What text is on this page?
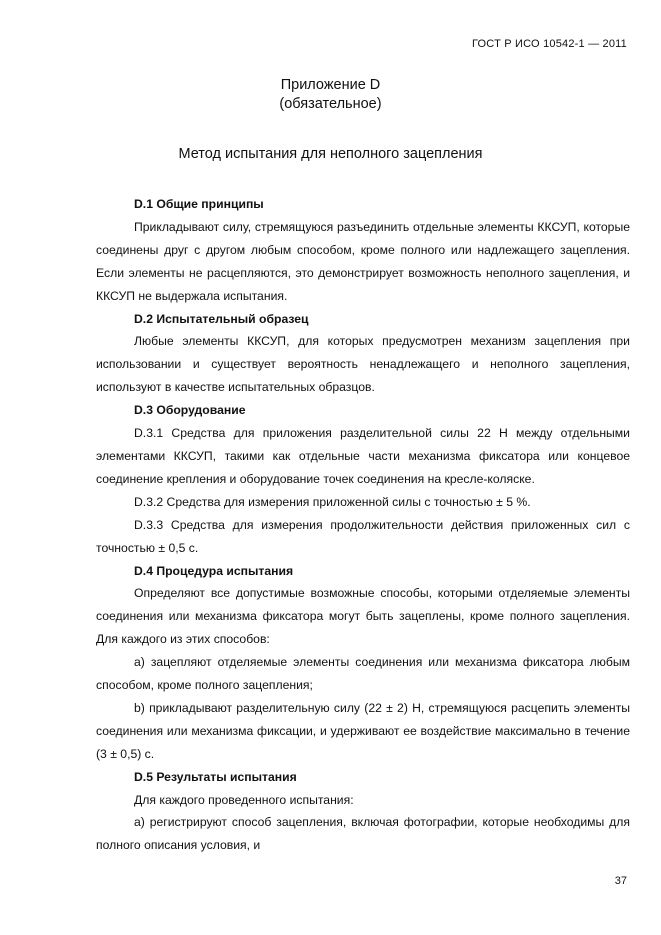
ГОСТ Р ИСО 10542-1 — 2011
Приложение D
(обязательное)
Метод испытания для неполного зацепления
D.1 Общие принципы

Прикладывают силу, стремящуюся разъединить отдельные элементы ККСУП, которые соединены друг с другом любым способом, кроме полного или надлежащего зацепления. Если элементы не расцепляются, это демонстрирует возможность неполного зацепления, и ККСУП не выдержала испытания.

D.2 Испытательный образец

Любые элементы ККСУП, для которых предусмотрен механизм зацепления при использовании и существует вероятность ненадлежащего и неполного зацепления, используют в качестве испытательных образцов.

D.3 Оборудование

D.3.1 Средства для приложения разделительной силы 22 Н между отдельными элементами ККСУП, такими как отдельные части механизма фиксатора или концевое соединение крепления и оборудование точек соединения на кресле-коляске.

D.3.2 Средства для измерения приложенной силы с точностью ± 5 %.

D.3.3 Средства для измерения продолжительности действия приложенных сил с точностью ± 0,5 с.

D.4 Процедура испытания

Определяют все допустимые возможные способы, которыми отделяемые элементы соединения или механизма фиксатора могут быть зацеплены, кроме полного зацепления. Для каждого из этих способов:

а) зацепляют отделяемые элементы соединения или механизма фиксатора любым способом, кроме полного зацепления;

b) прикладывают разделительную силу (22 ± 2) Н, стремящуюся расцепить элементы соединения или механизма фиксации, и удерживают ее воздействие максимально в течение (3 ± 0,5) с.

D.5 Результаты испытания

Для каждого проведенного испытания:

а) регистрируют способ зацепления, включая фотографии, которые необходимы для полного описания условия, и

37
